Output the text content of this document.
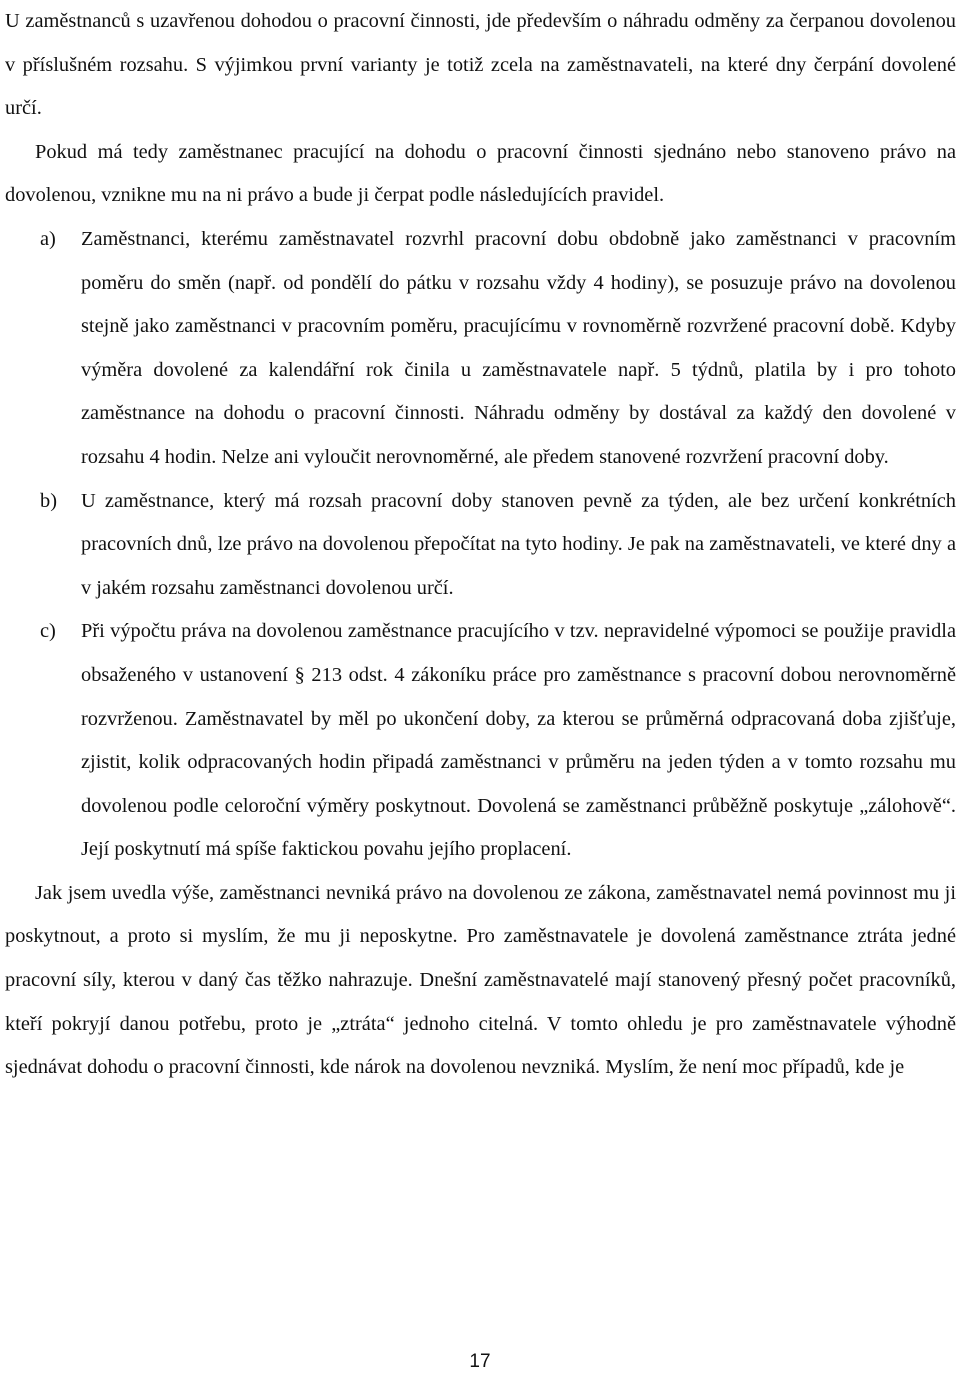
U zaměstnanců s uzavřenou dohodou o pracovní činnosti, jde především o náhradu odměny za čerpanou dovolenou v příslušném rozsahu. S výjimkou první varianty je totiž zcela na zaměstnavateli, na které dny čerpání dovolené určí.

Pokud má tedy zaměstnanec pracující na dohodu o pracovní činnosti sjednáno nebo stanoveno právo na dovolenou, vznikne mu na ni právo a bude ji čerpat podle následujících pravidel.

a) Zaměstnanci, kterému zaměstnavatel rozvrhl pracovní dobu obdobně jako zaměstnanci v pracovním poměru do směn (např. od pondělí do pátku v rozsahu vždy 4 hodiny), se posuzuje právo na dovolenou stejně jako zaměstnanci v pracovním poměru, pracujícímu v rovnoměrně rozvržené pracovní době. Kdyby výměra dovolené za kalendářní rok činila u zaměstnavatele např. 5 týdnů, platila by i pro tohoto zaměstnance na dohodu o pracovní činnosti. Náhradu odměny by dostával za každý den dovolené v rozsahu 4 hodin. Nelze ani vyloučit nerovnoměrné, ale předem stanovené rozvržení pracovní doby.
b) U zaměstnance, který má rozsah pracovní doby stanoven pevně za týden, ale bez určení konkrétních pracovních dnů, lze právo na dovolenou přepočítat na tyto hodiny. Je pak na zaměstnavateli, ve které dny a v jakém rozsahu zaměstnanci dovolenou určí.
c) Při výpočtu práva na dovolenou zaměstnance pracujícího v tzv. nepravidelné výpomoci se použije pravidla obsaženého v ustanovení § 213 odst. 4 zákoníku práce pro zaměstnance s pracovní dobou nerovnoměrně rozvrženou. Zaměstnavatel by měl po ukončení doby, za kterou se průměrná odpracovaná doba zjišťuje, zjistit, kolik odpracovaných hodin připadá zaměstnanci v průměru na jeden týden a v tomto rozsahu mu dovolenou podle celoroční výměry poskytnout. Dovolená se zaměstnanci průběžně poskytuje „zálohově“. Její poskytnutí má spíše faktickou povahu jejího proplacení.

Jak jsem uvedla výše, zaměstnanci nevniká právo na dovolenou ze zákona, zaměstnavatel nemá povinnost mu ji poskytnout, a proto si myslím, že mu ji neposkytne. Pro zaměstnavatele je dovolená zaměstnance ztráta jedné pracovní síly, kterou v daný čas těžko nahrazuje. Dnešní zaměstnavatelé mají stanovený přesný počet pracovníků, kteří pokryjí danou potřebu, proto je „ztráta“ jednoho citelná. V tomto ohledu je pro zaměstnavatele výhodně sjednávat dohodu o pracovní činnosti, kde nárok na dovolenou nevzniká. Myslím, že není moc případů, kde je

17
